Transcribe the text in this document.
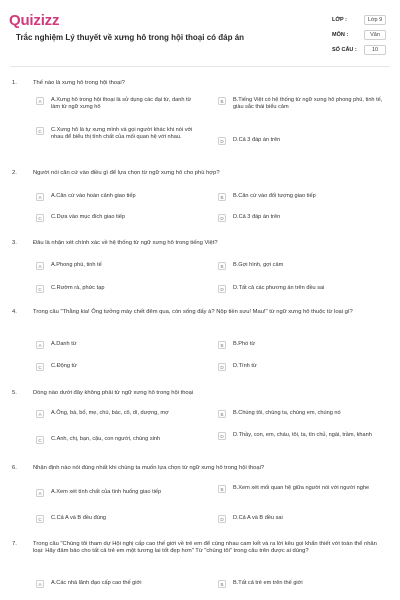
Quizizz
Trắc nghiệm Lý thuyết về xưng hô trong hội thoại có đáp án
LỚP :	Lớp 9
MÔN :	Văn
SỐ CÂU :	10
1.	Thế nào là xưng hô trong hội thoại?
A	A.Xưng hô trong hội thoại là sử dụng các đại từ, danh từ làm từ ngữ xưng hô
B	B.Tiếng Việt có hệ thống từ ngữ xưng hô phong phú, tinh tế, giàu sắc thái biểu cảm
C	C.Xưng hô là tự xưng mình và gọi người khác khi nói với nhau để biểu thị tính chất của mối quan hệ với nhau.
D	D.Cả 3 đáp án trên
2.	Người nói căn cứ vào điều gì để lựa chọn từ ngữ xưng hô cho phù hợp?
A	A.Căn cứ vào hoàn cảnh giao tiếp	B	B.Căn cứ vào đối tượng giao tiếp
C	C.Dựa vào mục đích giao tiếp	D	D.Cả 3 đáp án trên
3.	Đâu là nhận xét chính xác về hệ thống từ ngữ xưng hô trong tiếng Việt?
A	A.Phong phú, tinh tế	B	B.Gợi hình, gợi cảm
C	C.Rườm rà, phức tạp	D	D.Tất cả các phương án trên đều sai
4.	Trong câu "Thằng kia! Ông tưởng mày chết đêm qua, còn sống đấy à? Nộp tiền sưu! Mau!" từ ngữ xưng hô thuộc từ loại gì?
A	A.Danh từ	B	B.Phó từ
C	C.Động từ	D	D.Tính từ
5.	Dòng nào dưới đây không phải từ ngữ xưng hô trong hội thoại
A	A.Ông, bà, bố, mẹ, chú, bác, cô, dì, dượng, mợ	B	B.Chúng tôi, chúng ta, chúng em, chúng nó
C	C.Anh, chị, bạn, cậu, con người, chúng sinh	D	D.Thầy, con, em, cháu, tôi, ta, tín chủ, ngài, trầm, khanh
6.	Nhận định nào nói đúng nhất khi chúng ta muốn lựa chọn từ ngữ xưng hô trong hội thoại?
A	A.Xem xét tính chất của tình huống giao tiếp	B	B.Xem xét mối quan hệ giữa người nói với người nghe
C	C.Cả A và B đều đúng	D	D.Cả A và B đều sai
7.	Trong câu "Chúng tôi tham dự Hội nghị cấp cao thế giới về trẻ em để cùng nhau cam kết và ra lời kêu gọi khẩn thiết với toàn thể nhân loại: Hãy đảm bảo cho tất cả trẻ em một tương lai tốt đẹp hơn" Từ "chúng tôi" trong câu trên được ai dùng?
A	A.Các nhà lãnh đạo cấp cao thế giới	B	B.Tất cả trẻ em trên thế giới
